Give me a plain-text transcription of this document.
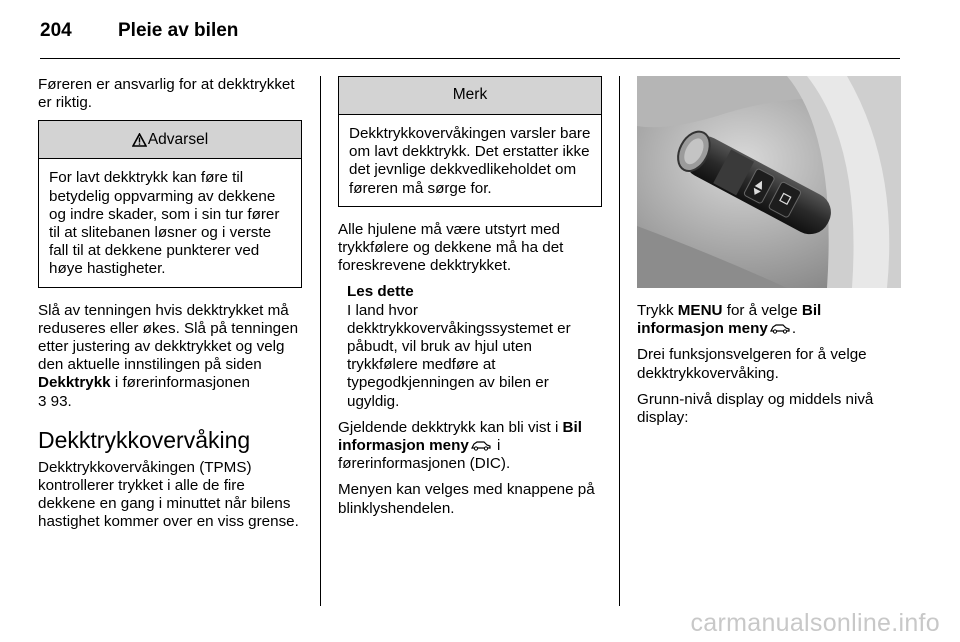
204	Pleie av bilen

Føreren er ansvarlig for at dekktrykket er riktig.

Advarsel
For lavt dekktrykk kan føre til betydelig oppvarming av dekkene og indre skader, som i sin tur fører til at slitebanen løsner og i verste fall til at dekkene punkterer ved høye hastigheter.

Slå av tenningen hvis dekktrykket må reduseres eller økes. Slå på tenningen etter justering av dekktrykket og velg den aktuelle innstilingen på siden Dekktrykk i førerinformasjonen
3 93.

Dekktrykkovervåking

Dekktrykkovervåkingen (TPMS) kontrollerer trykket i alle de fire dekkene en gang i minuttet når bilens hastighet kommer over en viss grense.

Merk
Dekktrykkovervåkingen varsler bare om lavt dekktrykk. Det erstatter ikke det jevnlige dekkvedlikeholdet om føreren må sørge for.

Alle hjulene må være utstyrt med trykkfølere og dekkene må ha det foreskrevene dekktrykket.

Les dette
I land hvor dekktrykkovervåkingssystemet er påbudt, vil bruk av hjul uten trykkfølere medføre at typegodkjenningen av bilen er ugyldig.

Gjeldende dekktrykk kan bli vist i Bil informasjon meny i førerinformasjonen (DIC).

Menyen kan velges med knappene på blinklyshendelen.

Trykk MENU for å velge Bil informasjon meny .

Drei funksjonsvelgeren for å velge dekktrykkovervåking.

Grunn-nivå display og middels nivå display:

carmanualsonline.info
